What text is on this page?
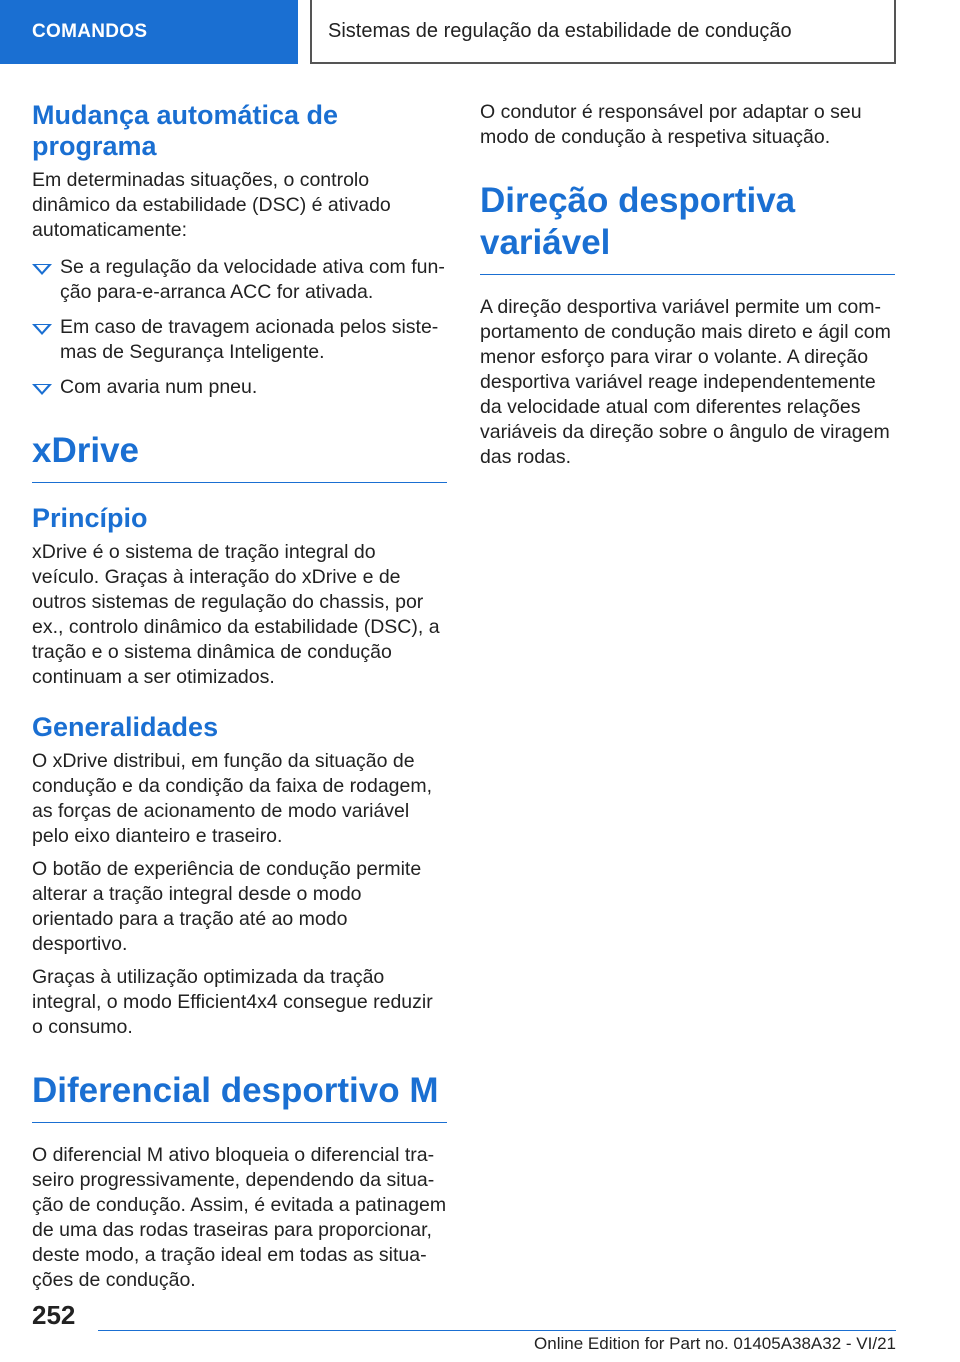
COMANDOS	Sistemas de regulação da estabilidade de condução
Mudança automática de programa

Em determinadas situações, o controlo dinâmico da estabilidade (DSC) é ativado automaticamente:

Se a regulação da velocidade ativa com função para-e-arranca ACC for ativada.
Em caso de travagem acionada pelos sistemas de Segurança Inteligente.
Com avaria num pneu.
xDrive
Princípio

xDrive é o sistema de tração integral do veículo. Graças à interação do xDrive e de outros sistemas de regulação do chassis, por ex., controlo dinâmico da estabilidade (DSC), a tração e o sistema dinâmica de condução continuam a ser otimizados.

Generalidades

O xDrive distribui, em função da situação de condução e da condição da faixa de rodagem, as forças de acionamento de modo variável pelo eixo dianteiro e traseiro.

O botão de experiência de condução permite alterar a tração integral desde o modo orientado para a tração até ao modo desportivo.

Graças à utilização optimizada da tração integral, o modo Efficient4x4 consegue reduzir o consumo.

Diferencial desportivo M

O diferencial M ativo bloqueia o diferencial traseiro progressivamente, dependendo da situação de condução. Assim, é evitada a patinagem de uma das rodas traseiras para proporcionar, deste modo, a tração ideal em todas as situações de condução.

O condutor é responsável por adaptar o seu modo de condução à respetiva situação.

Direção desportiva variável

A direção desportiva variável permite um comportamento de condução mais direto e ágil com menor esforço para virar o volante. A direção desportiva variável reage independentemente da velocidade atual com diferentes relações variáveis da direção sobre o ângulo de viragem das rodas.

252
Online Edition for Part no. 01405A38A32 - VI/21
